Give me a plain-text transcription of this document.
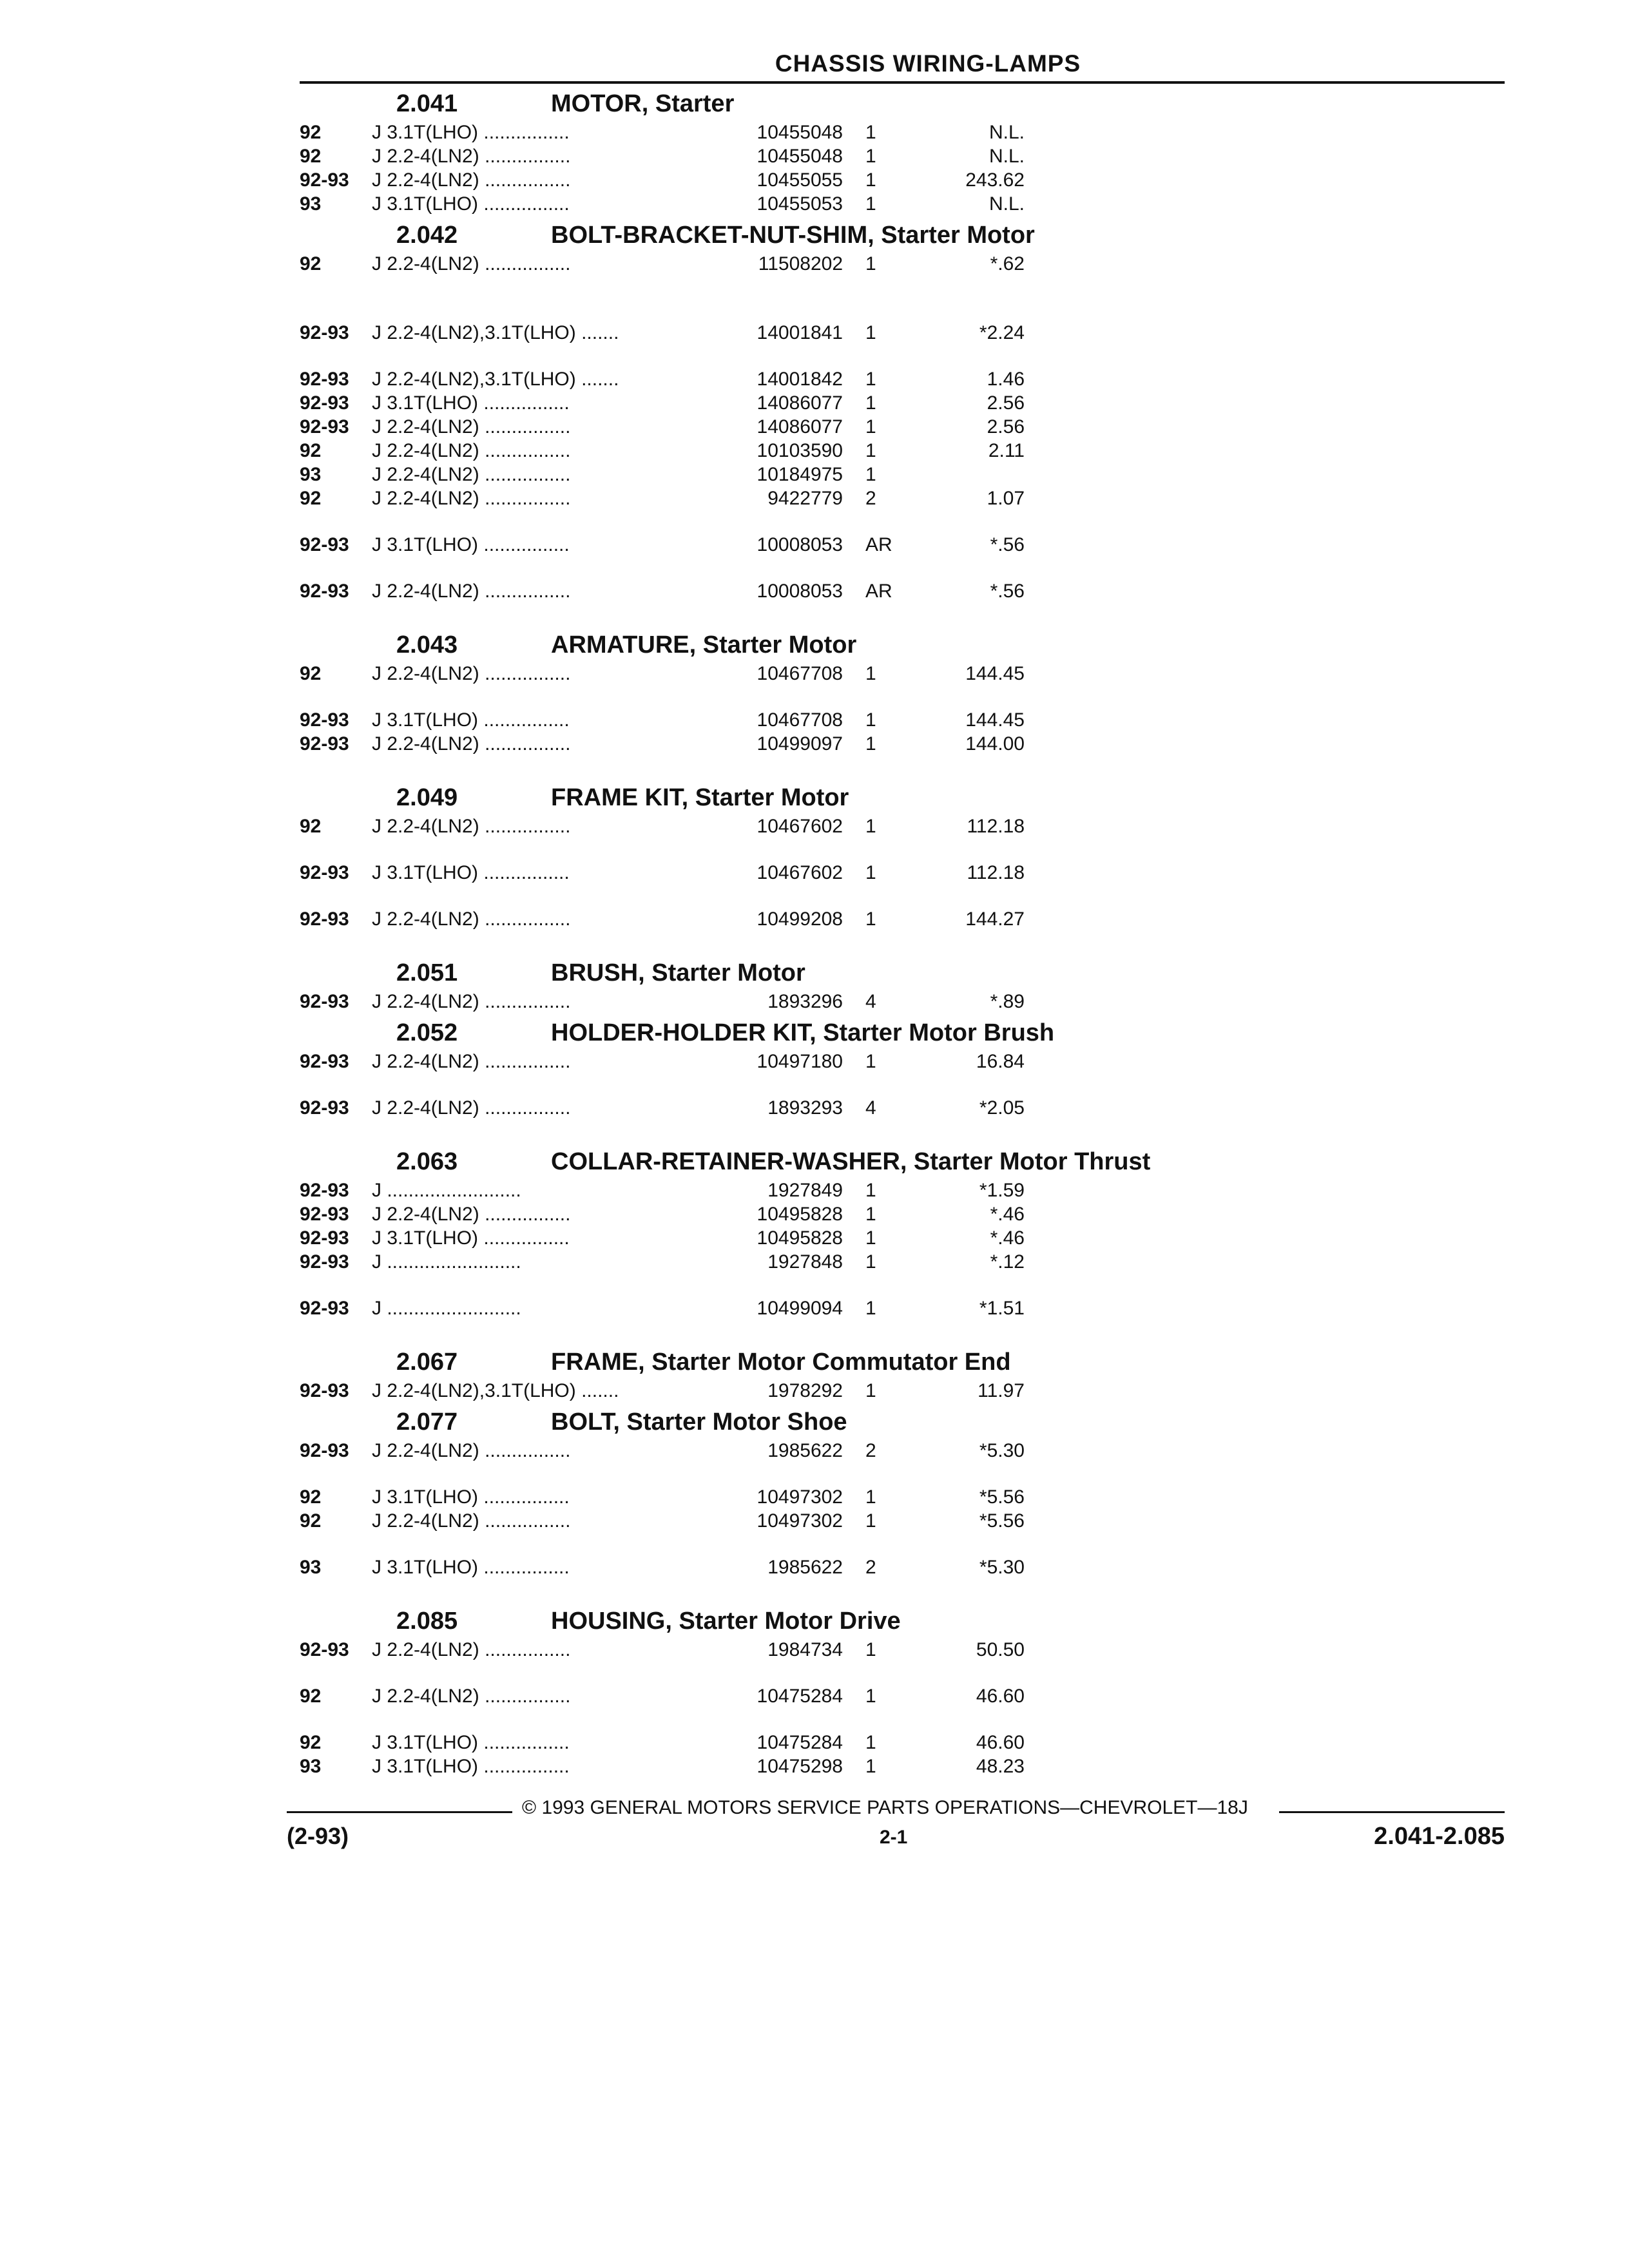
CHASSIS WIRING-LAMPS
2.041	MOTOR, Starter
92	J 3.1T(LHO) ................	10455048 1	N.L.
92	J 2.2-4(LN2) ................	10455048 1	N.L.
92-93 J 2.2-4(LN2) ................	10455055 1	243.62
93	J 3.1T(LHO) ................	10455053 1	N.L.
2.042	BOLT-BRACKET-NUT-SHIM, Starter Motor
92	J 2.2-4(LN2) ................	11508202 1	*.62
92-93 J 2.2-4(LN2),3.1T(LHO) .......	14001841 1	*2.24
92-93 J 2.2-4(LN2),3.1T(LHO) .......	14001842 1	1.46
92-93 J 3.1T(LHO) ................	14086077 1	2.56
92-93 J 2.2-4(LN2) ................	14086077 1	2.56
92	J 2.2-4(LN2) ................	10103590 1	2.11
93	J 2.2-4(LN2) ................	10184975 1
92	J 2.2-4(LN2) ................	9422779 2	1.07
92-93 J 3.1T(LHO) ................	10008053 AR	*.56
92-93 J 2.2-4(LN2) ................	10008053 AR	*.56
2.043	ARMATURE, Starter Motor
92	J 2.2-4(LN2) ................	10467708 1	144.45
92-93 J 3.1T(LHO) ................	10467708 1	144.45
92-93 J 2.2-4(LN2) ................	10499097 1	144.00
2.049	FRAME KIT, Starter Motor
92	J 2.2-4(LN2) ................	10467602 1	112.18
92-93 J 3.1T(LHO) ................	10467602 1	112.18
92-93 J 2.2-4(LN2) ................	10499208 1	144.27
2.051	BRUSH, Starter Motor
92-93 J 2.2-4(LN2) ................	1893296 4	*.89
2.052	HOLDER-HOLDER KIT, Starter Motor Brush
92-93 J 2.2-4(LN2) ................	10497180 1	16.84
92-93 J 2.2-4(LN2) ................	1893293 4	*2.05
2.063	COLLAR-RETAINER-WASHER, Starter Motor Thrust
92-93 J .........................	1927849 1	*1.59
92-93 J 2.2-4(LN2) ................	10495828 1	*.46
92-93 J 3.1T(LHO) ................	10495828 1	*.46
92-93 J .........................	1927848 1	*.12
92-93 J .........................	10499094 1	*1.51
2.067	FRAME, Starter Motor Commutator End
92-93 J 2.2-4(LN2),3.1T(LHO) .......	1978292 1	11.97
2.077	BOLT, Starter Motor Shoe
92-93 J 2.2-4(LN2) ................	1985622 2	*5.30
92	J 3.1T(LHO) ................	10497302 1	*5.56
92	J 2.2-4(LN2) ................	10497302 1	*5.56
93	J 3.1T(LHO) ................	1985622 2	*5.30
2.085	HOUSING, Starter Motor Drive
92-93 J 2.2-4(LN2) ................	1984734 1	50.50
92	J 2.2-4(LN2) ................	10475284 1	46.60
92	J 3.1T(LHO) ................	10475284 1	46.60
93	J 3.1T(LHO) ................	10475298 1	48.23
© 1993 GENERAL MOTORS SERVICE PARTS OPERATIONS—CHEVROLET—18J
(2-93)	2-1	2.041-2.085
